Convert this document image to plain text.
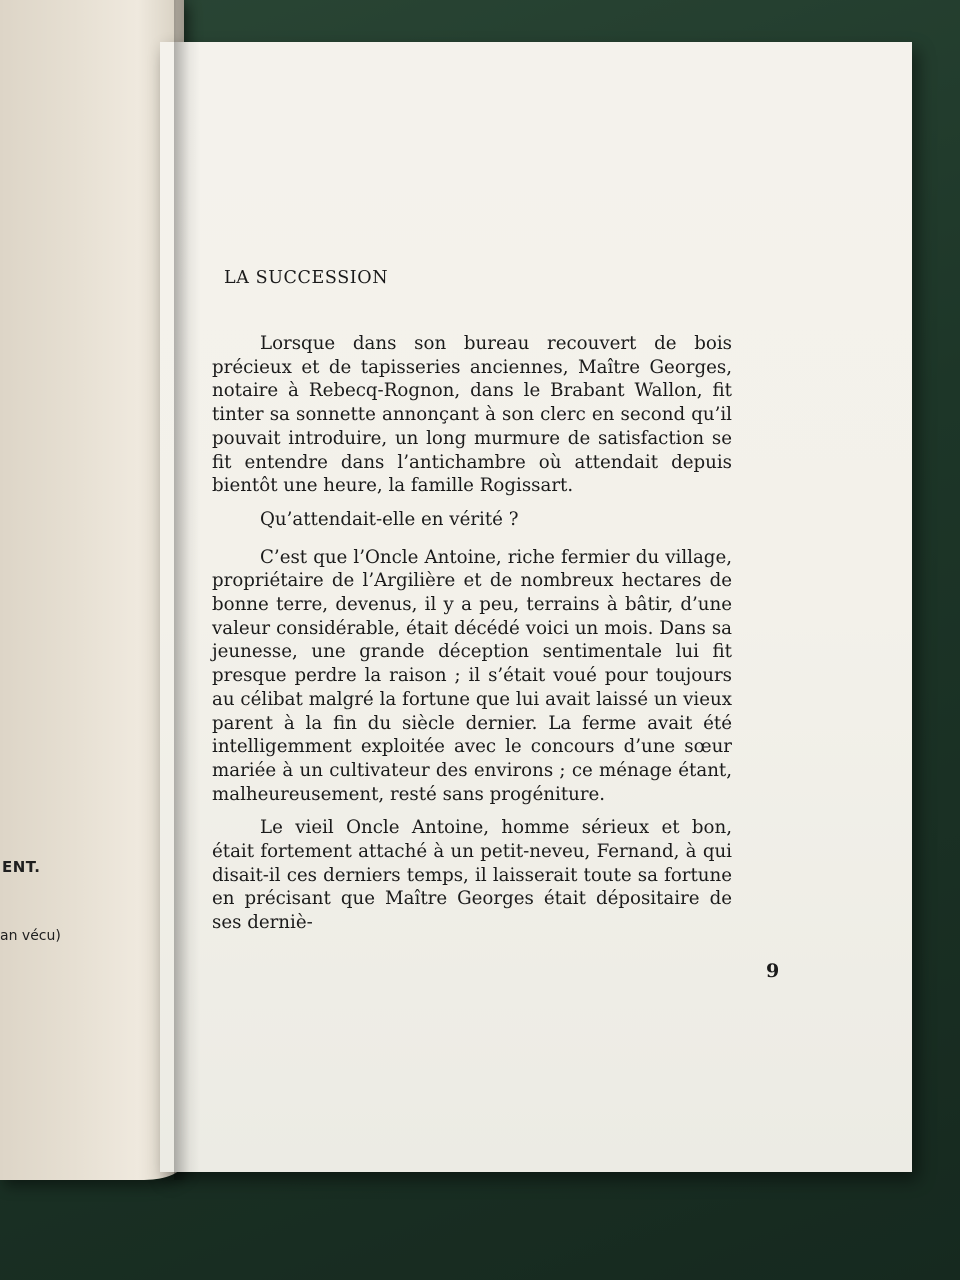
ENT.
an vécu)
LA SUCCESSION

Lorsque dans son bureau recouvert de bois précieux et de tapisseries anciennes, Maître Georges, notaire à Rebecq-Rognon, dans le Brabant Wallon, fit tinter sa sonnette annonçant à son clerc en second qu’il pouvait introduire, un long murmure de satisfaction se fit entendre dans l’antichambre où attendait depuis bientôt une heure, la famille Rogissart.

Qu’attendait-elle en vérité ?

C’est que l’Oncle Antoine, riche fermier du village, propriétaire de l’Argilière et de nombreux hectares de bonne terre, devenus, il y a peu, terrains à bâtir, d’une valeur considérable, était décédé voici un mois. Dans sa jeunesse, une grande déception sentimentale lui fit presque perdre la raison ; il s’était voué pour toujours au célibat malgré la fortune que lui avait laissé un vieux parent à la fin du siècle dernier. La ferme avait été intelligemment exploitée avec le concours d’une sœur mariée à un cultivateur des environs ; ce ménage étant, malheureusement, resté sans progéniture.

Le vieil Oncle Antoine, homme sérieux et bon, était fortement attaché à un petit-neveu, Fernand, à qui disait-il ces derniers temps, il laisserait toute sa fortune en précisant que Maître Georges était dépositaire de ses derniè-

9
